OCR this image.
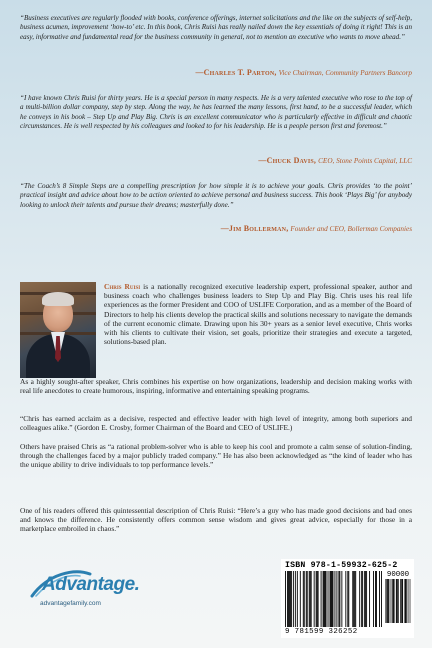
“Business executives are regularly flooded with books, conference offerings, internet solicitations and the like on the subjects of self-help, business acumen, improvement ‘how-to’ etc. In this book, Chris Ruisi has really nailed down the key essentials of doing it right! This is an easy, informative and fundamental read for the business community in general, not to mention an executive who wants to move ahead.”

—Charles T. Parton, Vice Chairman, Community Partners Bancorp

“I have known Chris Ruisi for thirty years. He is a special person in many respects. He is a very talented executive who rose to the top of a multi-billion dollar company, step by step. Along the way, he has learned the many lessons, first hand, to be a successful leader, which he conveys in his book – Step Up and Play Big. Chris is an excellent communicator who is particularly effective in difficult and chaotic circumstances. He is well respected by his colleagues and looked to for his leadership. He is a people person first and foremost.”

—Chuck Davis, CEO, Stone Points Capital, LLC

“The Coach’s 8 Simple Steps are a compelling prescription for how simple it is to achieve your goals. Chris provides ‘to the point’ practical insight and advice about how to be action oriented to achieve personal and business success. This book ‘Plays Big’ for anybody looking to unlock their talents and pursue their dreams; masterfully done.”

—Jim Bollerman, Founder and CEO, Bollerman Companies

Chris Ruisi is a nationally recognized executive leadership expert, professional speaker, author and business coach who challenges business leaders to Step Up and Play Big. Chris uses his real life experiences as the former President and COO of USLIFE Corporation, and as a member of the Board of Directors to help his clients develop the practical skills and solutions necessary to navigate the demands of the current economic climate. Drawing upon his 30+ years as a senior level executive, Chris works with his clients to cultivate their vision, set goals, prioritize their strategies and execute a targeted, solutions-based plan.

As a highly sought-after speaker, Chris combines his expertise on how organizations, leadership and decision making works with real life anecdotes to create humorous, inspiring, informative and entertaining speaking programs.

“Chris has earned acclaim as a decisive, respected and effective leader with high level of integrity, among both superiors and colleagues alike.” (Gordon E. Crosby, former Chairman of the Board and CEO of USLIFE.)

Others have praised Chris as “a rational problem-solver who is able to keep his cool and promote a calm sense of solution-finding, through the challenges faced by a major publicly traded company.” He has also been acknowledged as “the kind of leader who has the unique ability to drive individuals to top performance levels.”

One of his readers offered this quintessential description of Chris Ruisi: “Here’s a guy who has made good decisions and bad ones and knows the difference. He consistently offers common sense wisdom and gives great advice, especially for those in a marketplace embroiled in chaos.”

Advantage.
advantagefamily.com
ISBN 978-1-59932-625-2
90000
9 781599 326252
